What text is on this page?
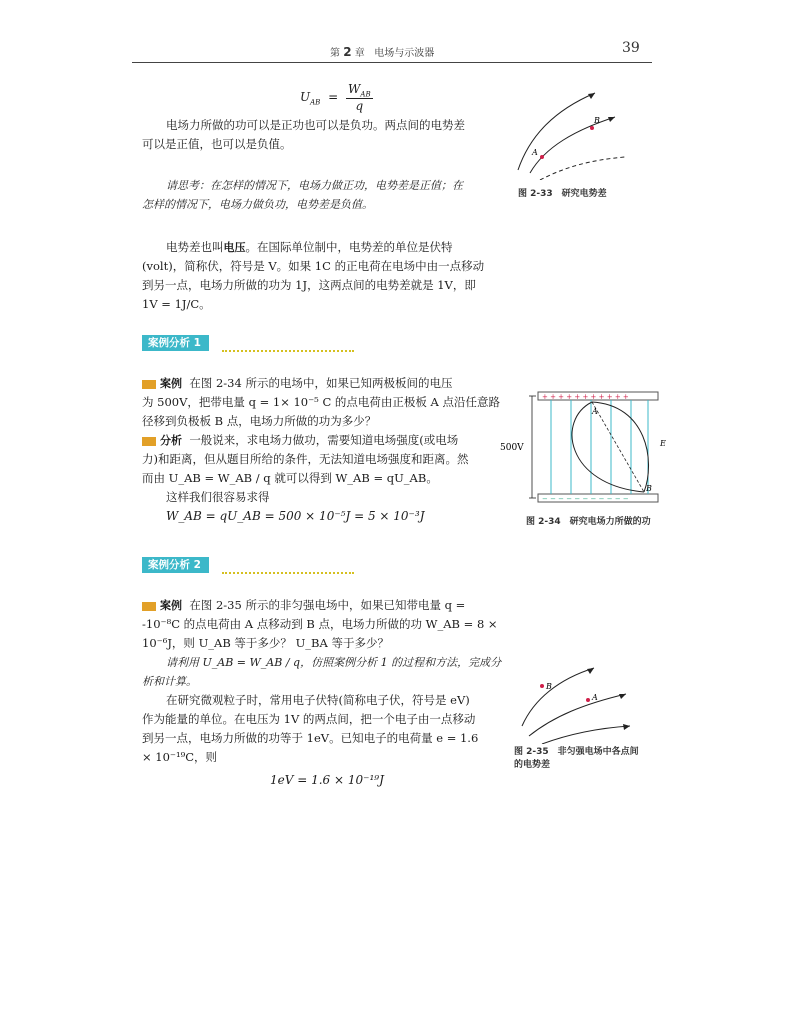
第 2 章 电场与示波器	39
$U_{AB}$ =
$W_{AB}$
q

电场力所做的功可以是正功也可以是负功。两点间的电势差

可以是正值，也可以是负值。

请思考：在怎样的情况下，电场力做正功，电势差是正值；在
怎样的情况下，电场力做负功，电势差是负值。

电势差也叫电压。在国际单位制中，电势差的单位是伏特

(volt)，简称伏，符号是 V。如果 1C 的正电荷在电场中由一点移动

到另一点，电场力所做的功为 1J，这两点间的电势差就是 1V，即

1V = 1J/C。

案例分析 1

案例 在图 2-34 所示的电场中，如果已知两极板间的电压

为 500V，把带电量 q = 1× 10⁻⁵ C 的点电荷由正极板 A 点沿任意路

径移到负极板 B 点，电场力所做的功为多少？

分析 一般说来，求电场力做功，需要知道电场强度(或电场

力)和距离，但从题目所给的条件，无法知道电场强度和距离。然

而由 U_AB = W_AB / q 就可以得到 W_AB = qU_AB。

这样我们很容易求得

W_AB = qU_AB = 500 × 10⁻⁵J = 5 × 10⁻³J

案例分析 2

案例 在图 2-35 所示的非匀强电场中，如果已知带电量 q =

-10⁻⁸C 的点电荷由 A 点移动到 B 点，电场力所做的功 W_AB = 8 ×

10⁻⁶J，则 U_AB 等于多少？ U_BA 等于多少？

请利用 U_AB = W_AB / q，仿照案例分析 1 的过程和方法，完成分
析和计算。

在研究微观粒子时，常用电子伏特(简称电子伏，符号是 eV)

作为能量的单位。在电压为 1V 的两点间，把一个电子由一点移动

到另一点，电场力所做的功等于 1eV。已知电子的电荷量 e = 1.6

× 10⁻¹⁹C，则

1eV = 1.6 × 10⁻¹⁹J

A
B
图 2-33　研究电势差
+ + + + + + + + + + +
− − − − − − − − − − −
A
B
E
500V
图 2-34　研究电场力所做的功
B
A
图 2-35　非匀强电场中各点间
的电势差
